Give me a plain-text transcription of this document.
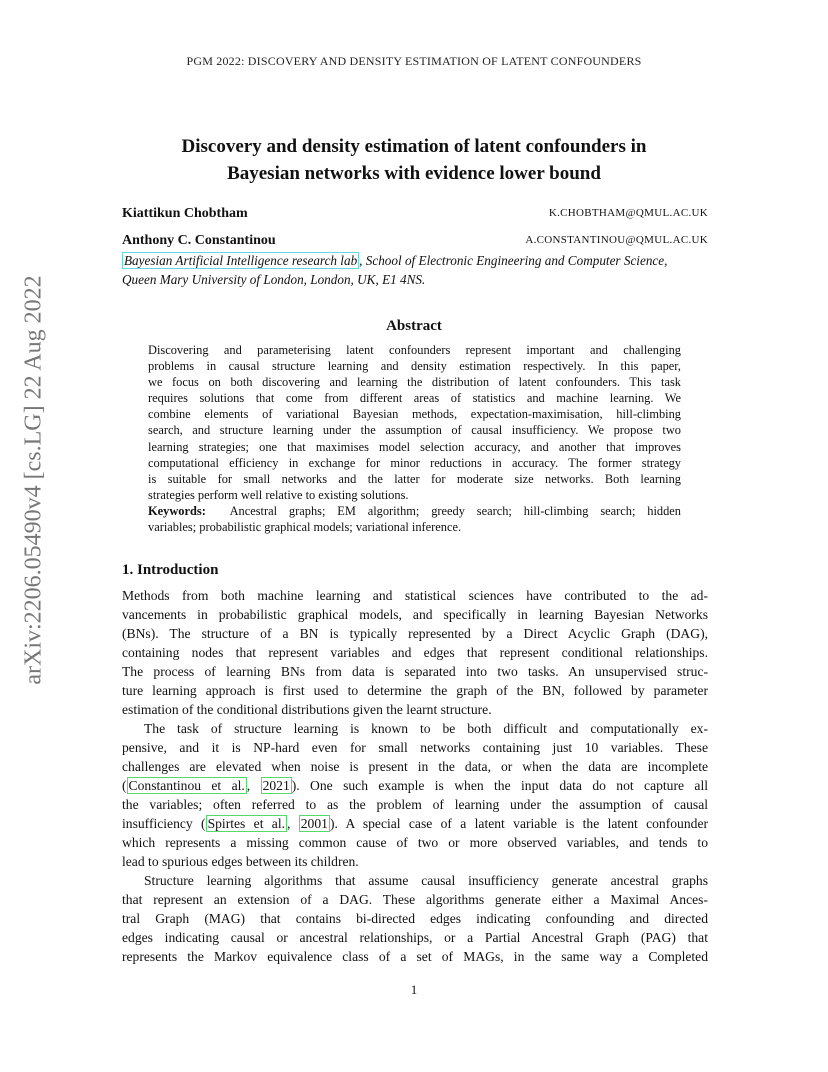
PGM 2022: DISCOVERY AND DENSITY ESTIMATION OF LATENT CONFOUNDERS
arXiv:2206.05490v4 [cs.LG] 22 Aug 2022
Discovery and density estimation of latent confounders in
Bayesian networks with evidence lower bound
Kiattikun Chobtham	K.CHOBTHAM@QMUL.AC.UK
Anthony C. Constantinou	A.CONSTANTINOU@QMUL.AC.UK
Bayesian Artificial Intelligence research lab , School of Electronic Engineering and Computer Science,
Queen Mary University of London, London, UK, E1 4NS.
Abstract
Discovering and parameterising latent confounders represent important and challenging
problems in causal structure learning and density estimation respectively. In this paper,
we focus on both discovering and learning the distribution of latent confounders. This task
requires solutions that come from different areas of statistics and machine learning. We
combine elements of variational Bayesian methods, expectation-maximisation, hill-climbing
search, and structure learning under the assumption of causal insufficiency. We propose two
learning strategies; one that maximises model selection accuracy, and another that improves
computational efficiency in exchange for minor reductions in accuracy. The former strategy
is suitable for small networks and the latter for moderate size networks. Both learning
strategies perform well relative to existing solutions.
Keywords: Ancestral graphs; EM algorithm; greedy search; hill-climbing search; hidden
variables; probabilistic graphical models; variational inference.
1. Introduction
Methods from both machine learning and statistical sciences have contributed to the ad-
vancements in probabilistic graphical models, and specifically in learning Bayesian Networks
(BNs). The structure of a BN is typically represented by a Direct Acyclic Graph (DAG),
containing nodes that represent variables and edges that represent conditional relationships.
The process of learning BNs from data is separated into two tasks. An unsupervised struc-
ture learning approach is first used to determine the graph of the BN, followed by parameter
estimation of the conditional distributions given the learnt structure.
The task of structure learning is known to be both difficult and computationally ex-
pensive, and it is NP-hard even for small networks containing just 10 variables. These
challenges are elevated when noise is present in the data, or when the data are incomplete
( Constantinou et al. , 2021 ). One such example is when the input data do not capture all
the variables; often referred to as the problem of learning under the assumption of causal
insufficiency ( Spirtes et al. , 2001 ). A special case of a latent variable is the latent confounder
which represents a missing common cause of two or more observed variables, and tends to
lead to spurious edges between its children.
Structure learning algorithms that assume causal insufficiency generate ancestral graphs
that represent an extension of a DAG. These algorithms generate either a Maximal Ances-
tral Graph (MAG) that contains bi-directed edges indicating confounding and directed
edges indicating causal or ancestral relationships, or a Partial Ancestral Graph (PAG) that
represents the Markov equivalence class of a set of MAGs, in the same way a Completed
1
